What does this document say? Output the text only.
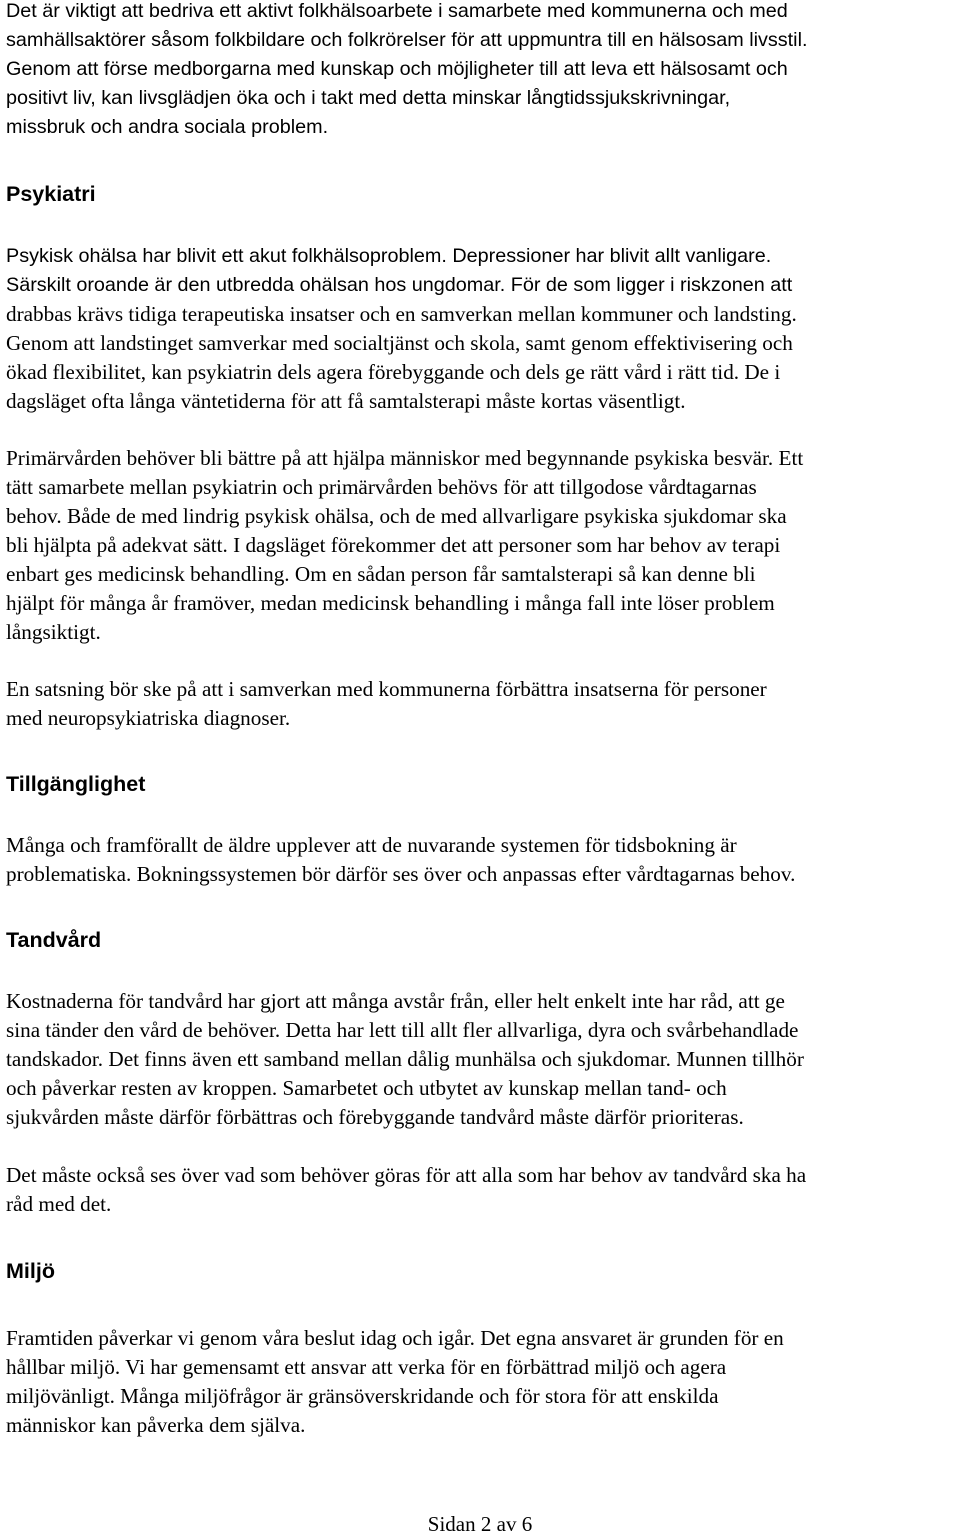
Det är viktigt att bedriva ett aktivt folkhälsoarbete i samarbete med kommunerna och med
samhällsaktörer såsom folkbildare och folkrörelser för att uppmuntra till en hälsosam livsstil.
Genom att förse medborgarna med kunskap och möjligheter till att leva ett hälsosamt och
positivt liv, kan livsglädjen öka och i takt med detta minskar långtidssjukskrivningar,
missbruk och andra sociala problem.
Psykiatri
Psykisk ohälsa har blivit ett akut folkhälsoproblem. Depressioner har blivit allt vanligare.
Särskilt oroande är den utbredda ohälsan hos ungdomar. För de som ligger i riskzonen att
drabbas krävs tidiga terapeutiska insatser och en samverkan mellan kommuner och landsting.
Genom att landstinget samverkar med socialtjänst och skola, samt genom effektivisering och
ökad flexibilitet, kan psykiatrin dels agera förebyggande och dels ge rätt vård i rätt tid. De i
dagsläget ofta långa väntetiderna för att få samtalsterapi måste kortas väsentligt.
Primärvården behöver bli bättre på att hjälpa människor med begynnande psykiska besvär. Ett
tätt samarbete mellan psykiatrin och primärvården behövs för att tillgodose vårdtagarnas
behov. Både de med lindrig psykisk ohälsa, och de med allvarligare psykiska sjukdomar ska
bli hjälpta på adekvat sätt. I dagsläget förekommer det att personer som har behov av terapi
enbart ges medicinsk behandling. Om en sådan person får samtalsterapi så kan denne bli
hjälpt för många år framöver, medan medicinsk behandling i många fall inte löser problem
långsiktigt.
En satsning bör ske på att i samverkan med kommunerna förbättra insatserna för personer
med neuropsykiatriska diagnoser.
Tillgänglighet
Många och framförallt de äldre upplever att de nuvarande systemen för tidsbokning är
problematiska. Bokningssystemen bör därför ses över och anpassas efter vårdtagarnas behov.
Tandvård
Kostnaderna för tandvård har gjort att många avstår från, eller helt enkelt inte har råd, att ge
sina tänder den vård de behöver. Detta har lett till allt fler allvarliga, dyra och svårbehandlade
tandskador. Det finns även ett samband mellan dålig munhälsa och sjukdomar. Munnen tillhör
och påverkar resten av kroppen. Samarbetet och utbytet av kunskap mellan tand- och
sjukvården måste därför förbättras och förebyggande tandvård måste därför prioriteras.
Det måste också ses över vad som behöver göras för att alla som har behov av tandvård ska ha
råd med det.
Miljö
Framtiden påverkar vi genom våra beslut idag och igår. Det egna ansvaret är grunden för en
hållbar miljö. Vi har gemensamt ett ansvar att verka för en förbättrad miljö och agera
miljövänligt. Många miljöfrågor är gränsöverskridande och för stora för att enskilda
människor kan påverka dem själva.
Sidan 2 av 6
